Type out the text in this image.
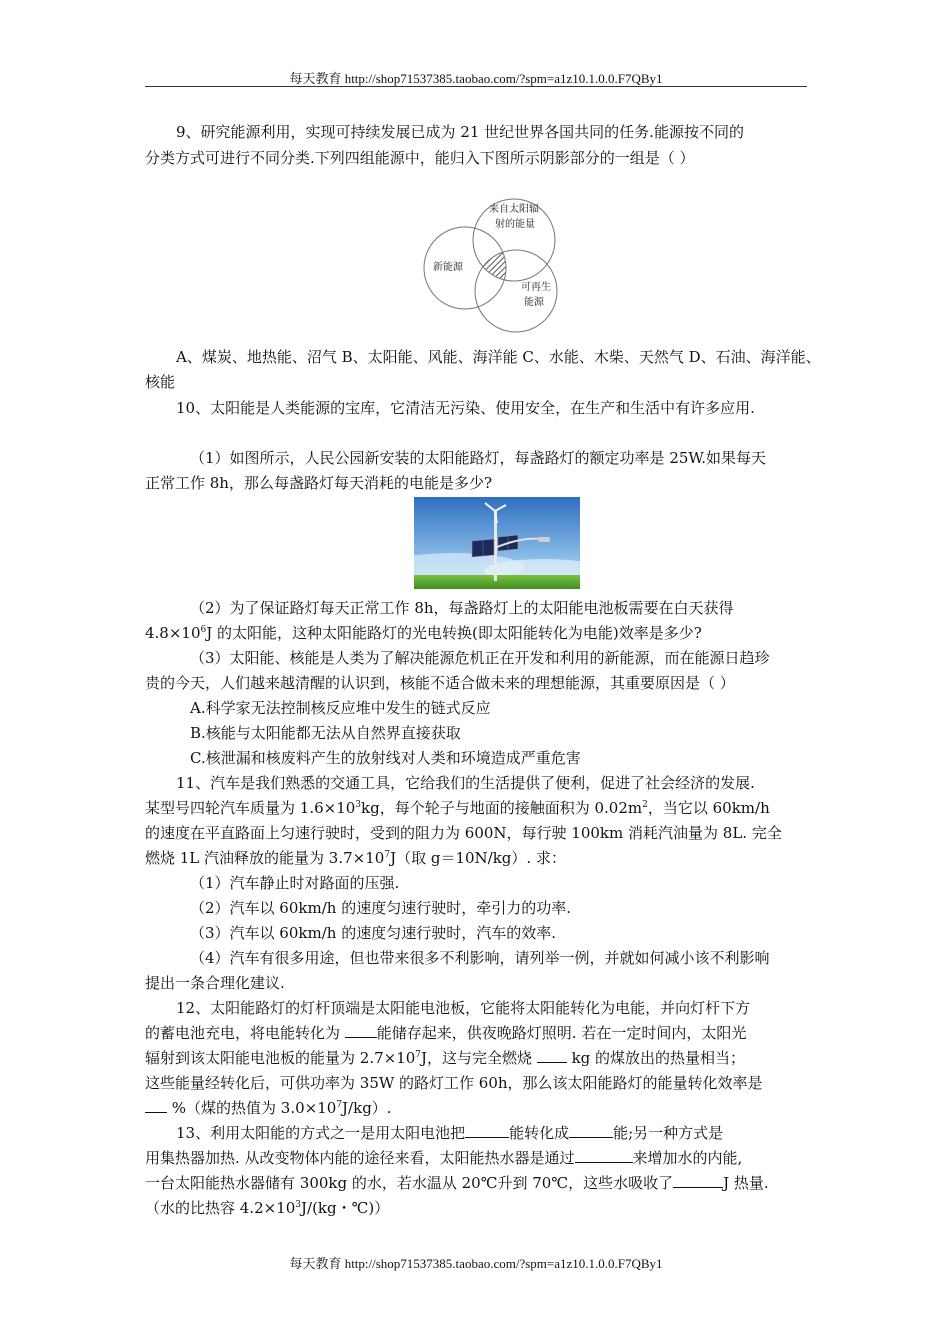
每天教育 http://shop71537385.taobao.com/?spm=a1z10.1.0.0.F7QBy1
9、研究能源利用，实现可持续发展已成为 21 世纪世界各国共同的任务.能源按不同的
分类方式可进行不同分类.下列四组能源中，能归入下图所示阴影部分的一组是（ ）
来自太阳辐
射的能量
新能源
可再生
能源
A、煤炭、地热能、沼气 B、太阳能、风能、海洋能 C、水能、木柴、天然气 D、石油、海洋能、
核能
10、太阳能是人类能源的宝库，它清洁无污染、使用安全，在生产和生活中有许多应用.
（1）如图所示，人民公园新安装的太阳能路灯，每盏路灯的额定功率是 25W.如果每天
正常工作 8h，那么每盏路灯每天消耗的电能是多少?
（2）为了保证路灯每天正常工作 8h，每盏路灯上的太阳能电池板需要在白天获得
$4.8\times 10^6J$ 的太阳能，这种太阳能路灯的光电转换(即太阳能转化为电能)效率是多少?
（3）太阳能、核能是人类为了解决能源危机正在开发和利用的新能源，而在能源日趋珍
贵的今天，人们越来越清醒的认识到，核能不适合做未来的理想能源，其重要原因是（ ）
A.科学家无法控制核反应堆中发生的链式反应
B.核能与太阳能都无法从自然界直接获取
C.核泄漏和核废料产生的放射线对人类和环境造成严重危害
11、汽车是我们熟悉的交通工具，它给我们的生活提供了便利，促进了社会经济的发展.
某型号四轮汽车质量为 $1.6\times 10^3kg$，每个轮子与地面的接触面积为 $0.02m^2$，当它以 60km/h
的速度在平直路面上匀速行驶时，受到的阻力为 600N，每行驶 100km 消耗汽油量为 8L. 完全
燃烧 1L 汽油释放的能量为 $3.7\times 10^7J$（取 g＝10N/kg）. 求：
（1）汽车静止时对路面的压强.
（2）汽车以 60km/h 的速度匀速行驶时，牵引力的功率.
（3）汽车以 60km/h 的速度匀速行驶时，汽车的效率.
（4）汽车有很多用途，但也带来很多不利影响，请列举一例，并就如何减小该不利影响
提出一条合理化建议.
12、太阳能路灯的灯杆顶端是太阳能电池板，它能将太阳能转化为电能，并向灯杆下方
的蓄电池充电，将电能转化为 能储存起来，供夜晚路灯照明. 若在一定时间内，太阳光
辐射到该太阳能电池板的能量为 $2.7\times 10^7J$，这与完全燃烧  kg 的煤放出的热量相当；
这些能量经转化后，可供功率为 35W 的路灯工作 60h，那么该太阳能路灯的能量转化效率是
%（煤的热值为 $3.0\times 10^7J/kg$）.
13、利用太阳能的方式之一是用太阳电池把	能转化成	能;另一种方式是
用集热器加热. 从改变物体内能的途径来看，太阳能热水器是通过	来增加水的内能,
一台太阳能热水器储有 300kg 的水，若水温从 20℃升到 70℃，这些水吸收了	J 热量.
（水的比热容 $4.2\times 10^3J/(kg$・℃)）
每天教育 http://shop71537385.taobao.com/?spm=a1z10.1.0.0.F7QBy1
